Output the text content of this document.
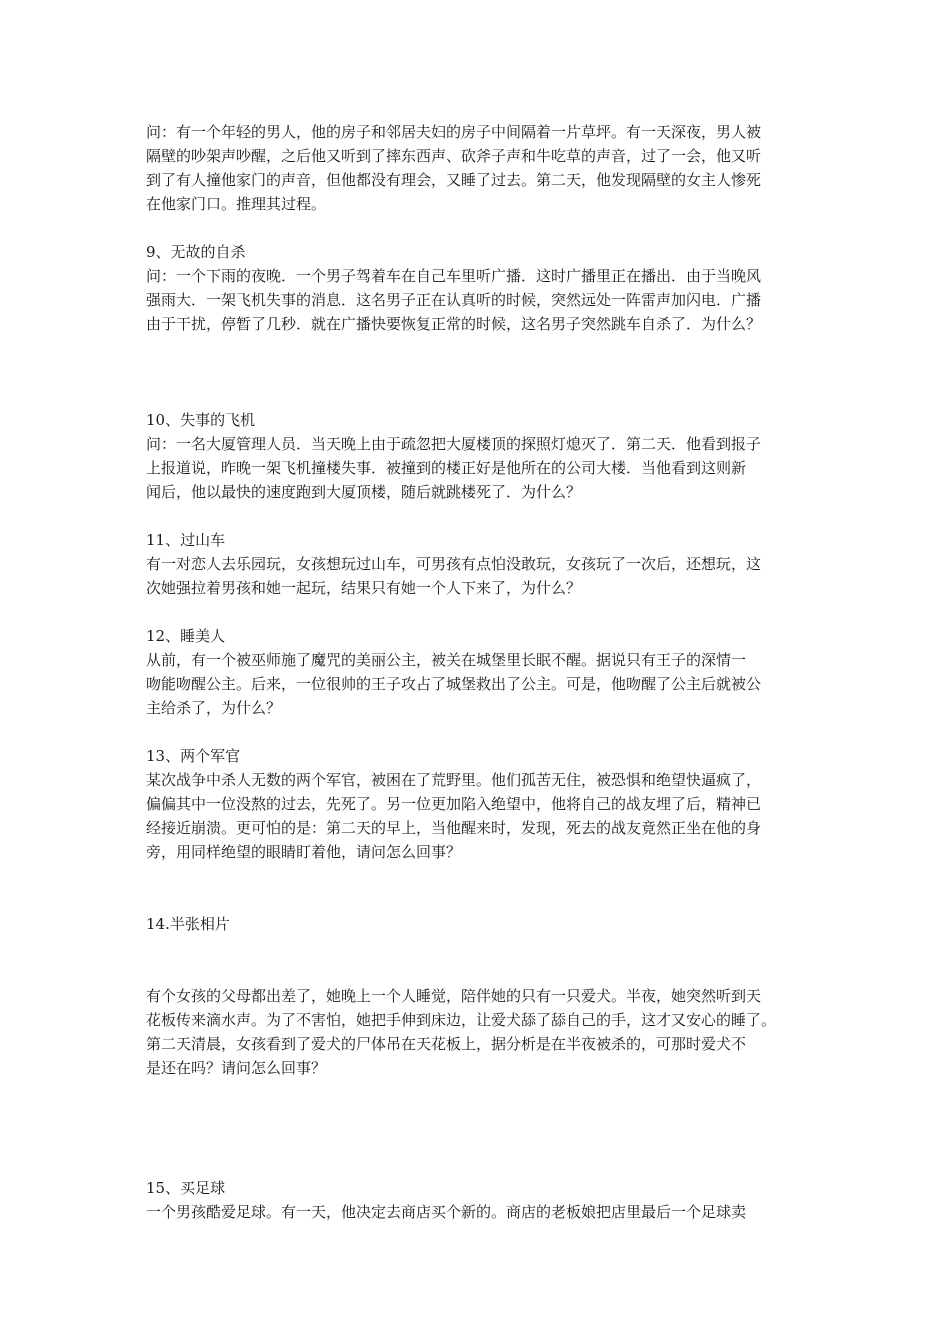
问：有一个年轻的男人，他的房子和邻居夫妇的房子中间隔着一片草坪。有一天深夜，男人被
隔壁的吵架声吵醒，之后他又听到了摔东西声、砍斧子声和牛吃草的声音，过了一会，他又听
到了有人撞他家门的声音，但他都没有理会，又睡了过去。第二天，他发现隔壁的女主人惨死
在他家门口。推理其过程。
9、无故的自杀
问：一个下雨的夜晚．一个男子驾着车在自己车里听广播．这时广播里正在播出．由于当晚风
强雨大．一架飞机失事的消息．这名男子正在认真听的时候，突然远处一阵雷声加闪电．广播
由于干扰，停暂了几秒．就在广播快要恢复正常的时候，这名男子突然跳车自杀了．为什么？
10、失事的飞机
问：一名大厦管理人员．当天晚上由于疏忽把大厦楼顶的探照灯熄灭了．第二天．他看到报子
上报道说，昨晚一架飞机撞楼失事．被撞到的楼正好是他所在的公司大楼．当他看到这则新
闻后，他以最快的速度跑到大厦顶楼，随后就跳楼死了．为什么？
11、过山车
有一对恋人去乐园玩，女孩想玩过山车，可男孩有点怕没敢玩，女孩玩了一次后，还想玩，这
次她强拉着男孩和她一起玩，结果只有她一个人下来了，为什么？
12、睡美人
从前，有一个被巫师施了魔咒的美丽公主，被关在城堡里长眠不醒。据说只有王子的深情一
吻能吻醒公主。后来，一位很帅的王子攻占了城堡救出了公主。可是，他吻醒了公主后就被公
主给杀了，为什么？
13、两个军官
某次战争中杀人无数的两个军官，被困在了荒野里。他们孤苦无住，被恐惧和绝望快逼疯了，
偏偏其中一位没熬的过去，先死了。另一位更加陷入绝望中，他将自己的战友埋了后，精神已
经接近崩溃。更可怕的是：第二天的早上，当他醒来时，发现，死去的战友竟然正坐在他的身
旁，用同样绝望的眼睛盯着他，请问怎么回事？
14.半张相片
有个女孩的父母都出差了，她晚上一个人睡觉，陪伴她的只有一只爱犬。半夜，她突然听到天
花板传来滴水声。为了不害怕，她把手伸到床边，让爱犬舔了舔自己的手，这才又安心的睡了。
第二天清晨，女孩看到了爱犬的尸体吊在天花板上，据分析是在半夜被杀的，可那时爱犬不
是还在吗？请问怎么回事？
15、买足球
一个男孩酷爱足球。有一天，他决定去商店买个新的。商店的老板娘把店里最后一个足球卖
